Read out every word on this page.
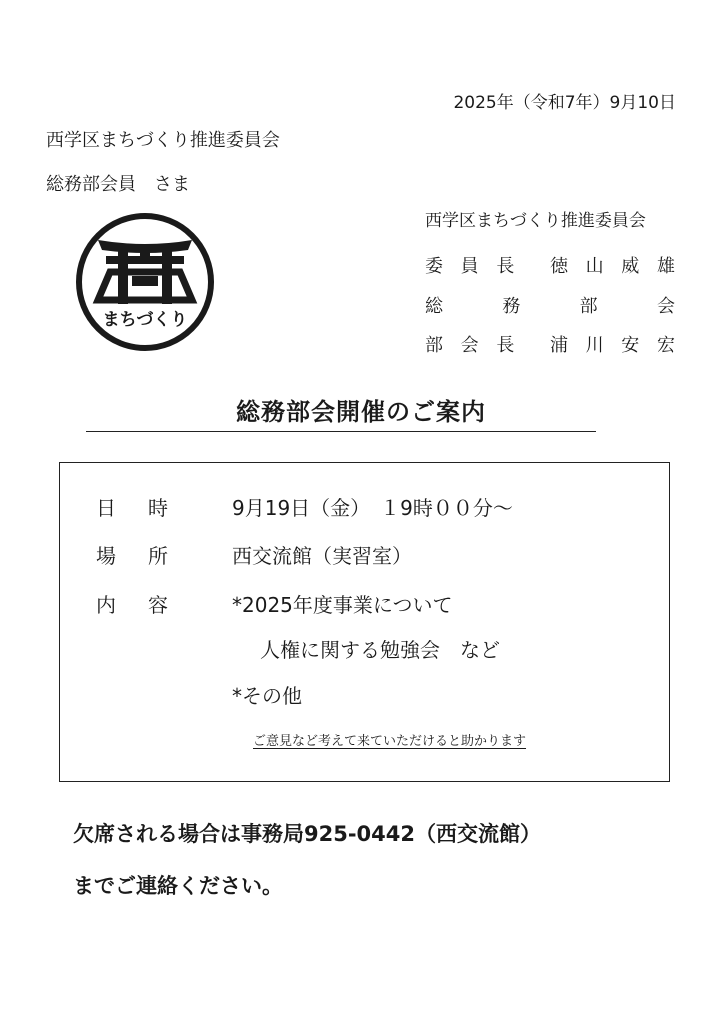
2025年（令和7年）9月10日
西学区まちづくり推進委員会
総務部会員　さま
まちづくり
西学区まちづくり推進委員会
委 員 長 徳 山 威 雄
総	務	部	会
部 会 長 浦 川 安 宏
総務部会開催のご案内
日 時	9月19日（金）　１9時００分～
場 所	西交流館（実習室）
内 容	*2025年度事業について
人権に関する勉強会　など
*その他
ご意見など考えて来ていただけると助かります
欠席される場合は事務局925-0442（西交流館）
までご連絡ください。
